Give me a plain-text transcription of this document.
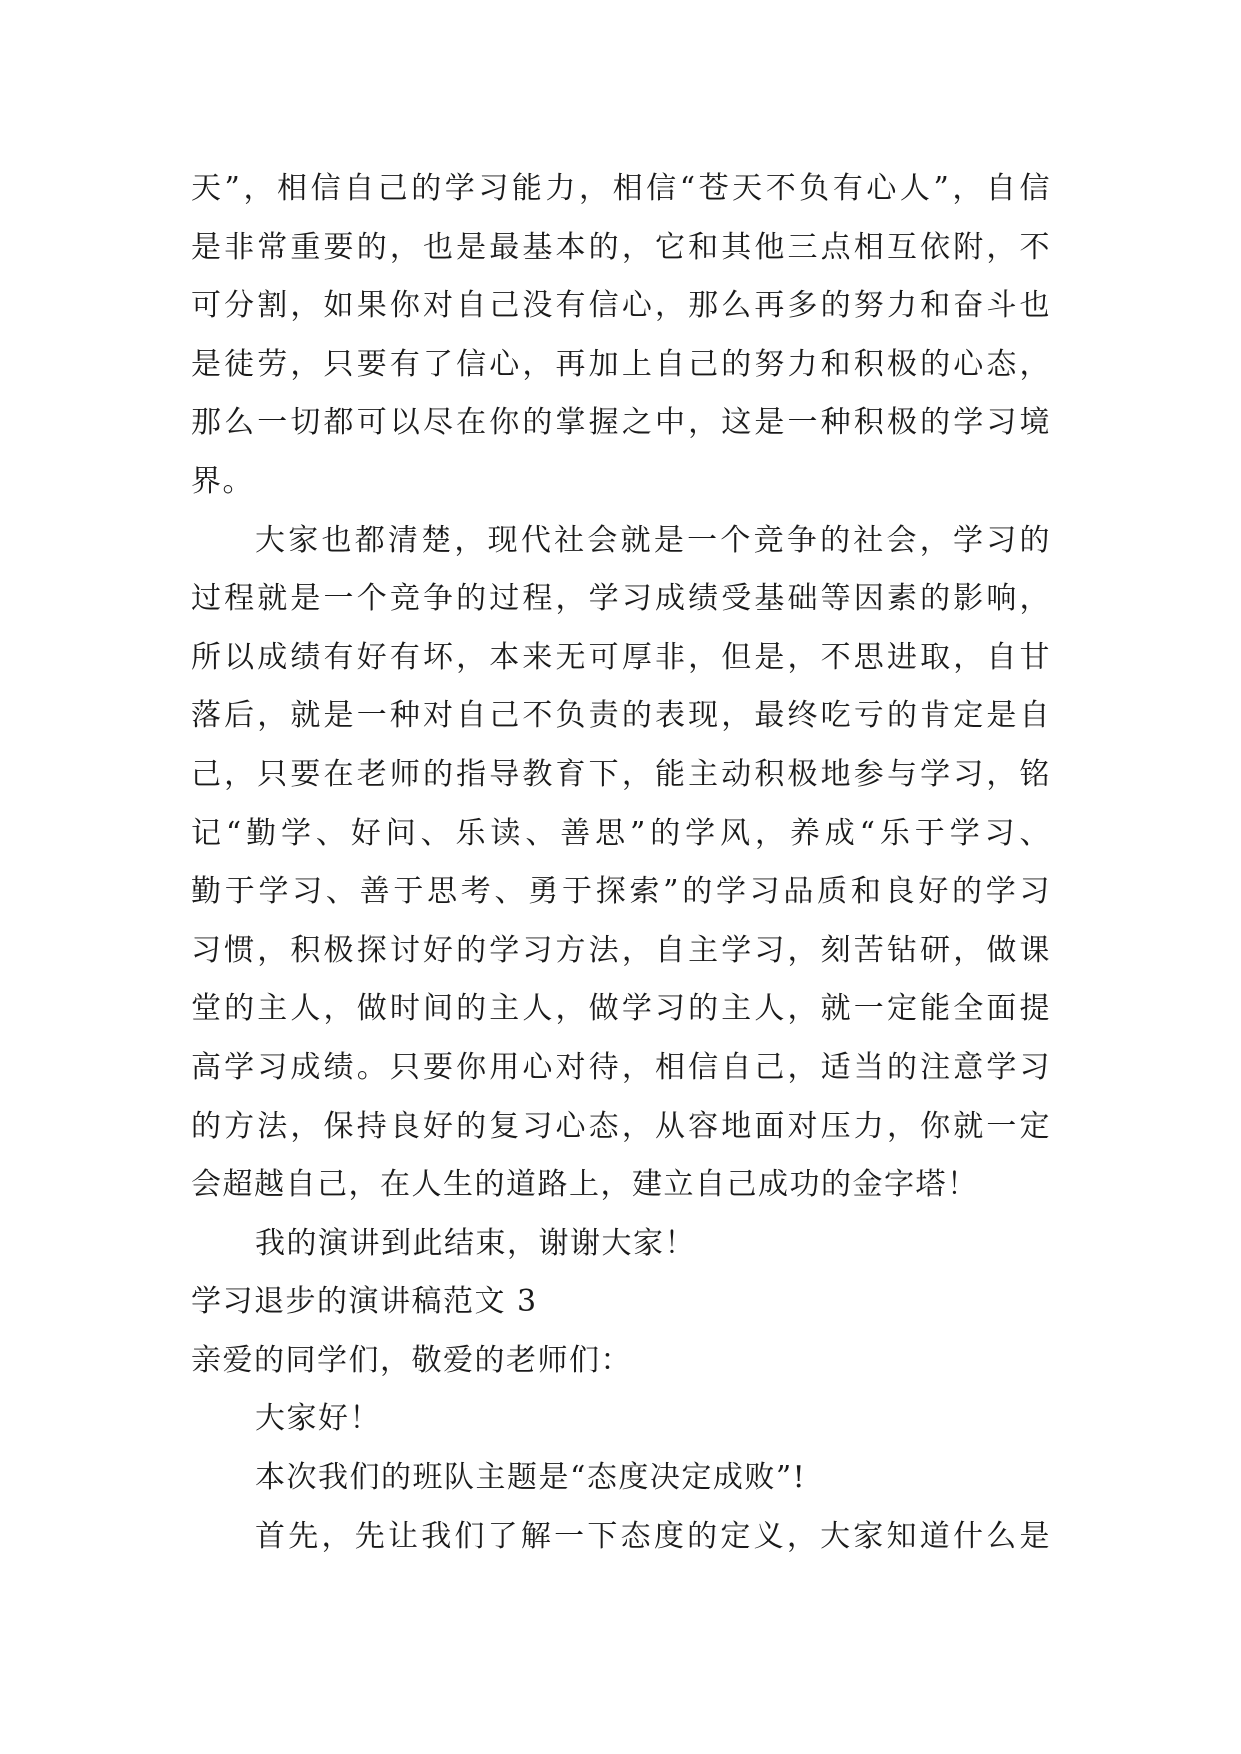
天”，相信自己的学习能力，相信“苍天不负有心人”，自信
是非常重要的，也是最基本的，它和其他三点相互依附，不
可分割，如果你对自己没有信心，那么再多的努力和奋斗也
是徒劳，只要有了信心，再加上自己的努力和积极的心态，
那么一切都可以尽在你的掌握之中，这是一种积极的学习境
界。
大家也都清楚，现代社会就是一个竞争的社会，学习的
过程就是一个竞争的过程，学习成绩受基础等因素的影响，
所以成绩有好有坏，本来无可厚非，但是，不思进取，自甘
落后，就是一种对自己不负责的表现，最终吃亏的肯定是自
己，只要在老师的指导教育下，能主动积极地参与学习，铭
记“勤学、好问、乐读、善思”的学风，养成“乐于学习、
勤于学习、善于思考、勇于探索”的学习品质和良好的学习
习惯，积极探讨好的学习方法，自主学习，刻苦钻研，做课
堂的主人，做时间的主人，做学习的主人，就一定能全面提
高学习成绩。只要你用心对待，相信自己，适当的注意学习
的方法，保持良好的复习心态，从容地面对压力，你就一定
会超越自己，在人生的道路上，建立自己成功的金字塔！
我的演讲到此结束，谢谢大家！
学习退步的演讲稿范文 3
亲爱的同学们，敬爱的老师们：
大家好！
本次我们的班队主题是“态度决定成败”!
首先，先让我们了解一下态度的定义，大家知道什么是
